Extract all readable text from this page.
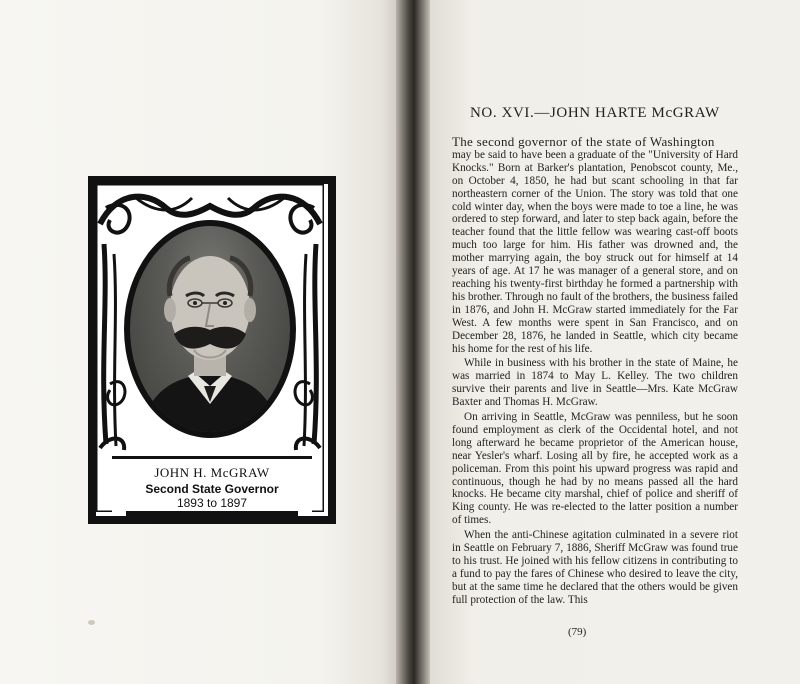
JOHN H. McGRAW
Second State Governor
1893 to 1897
NO. XVI.—JOHN HARTE McGRAW
The second governor of the state of Washington

may be said to have been a graduate of the "University of Hard Knocks." Born at Barker's plantation, Penobscot county, Me., on October 4, 1850, he had but scant schooling in that far northeastern corner of the Union. The story was told that one cold winter day, when the boys were made to toe a line, he was ordered to step forward, and later to step back again, before the teacher found that the little fellow was wearing cast-off boots much too large for him. His father was drowned and, the mother marrying again, the boy struck out for himself at 14 years of age. At 17 he was manager of a general store, and on reaching his twenty-first birthday he formed a partnership with his brother. Through no fault of the brothers, the business failed in 1876, and John H. McGraw started immediately for the Far West. A few months were spent in San Francisco, and on December 28, 1876, he landed in Seattle, which city became his home for the rest of his life.

While in business with his brother in the state of Maine, he was married in 1874 to May L. Kelley. The two children survive their parents and live in Seattle—Mrs. Kate McGraw Baxter and Thomas H. McGraw.

On arriving in Seattle, McGraw was penniless, but he soon found employment as clerk of the Occidental hotel, and not long afterward he became proprietor of the American house, near Yesler's wharf. Losing all by fire, he accepted work as a policeman. From this point his upward progress was rapid and continuous, though he had by no means passed all the hard knocks. He became city marshal, chief of police and sheriff of King county. He was re-elected to the latter position a number of times.

When the anti-Chinese agitation culminated in a severe riot in Seattle on February 7, 1886, Sheriff McGraw was found true to his trust. He joined with his fellow citizens in contributing to a fund to pay the fares of Chinese who desired to leave the city, but at the same time he declared that the others would be given full protection of the law. This

(79)
